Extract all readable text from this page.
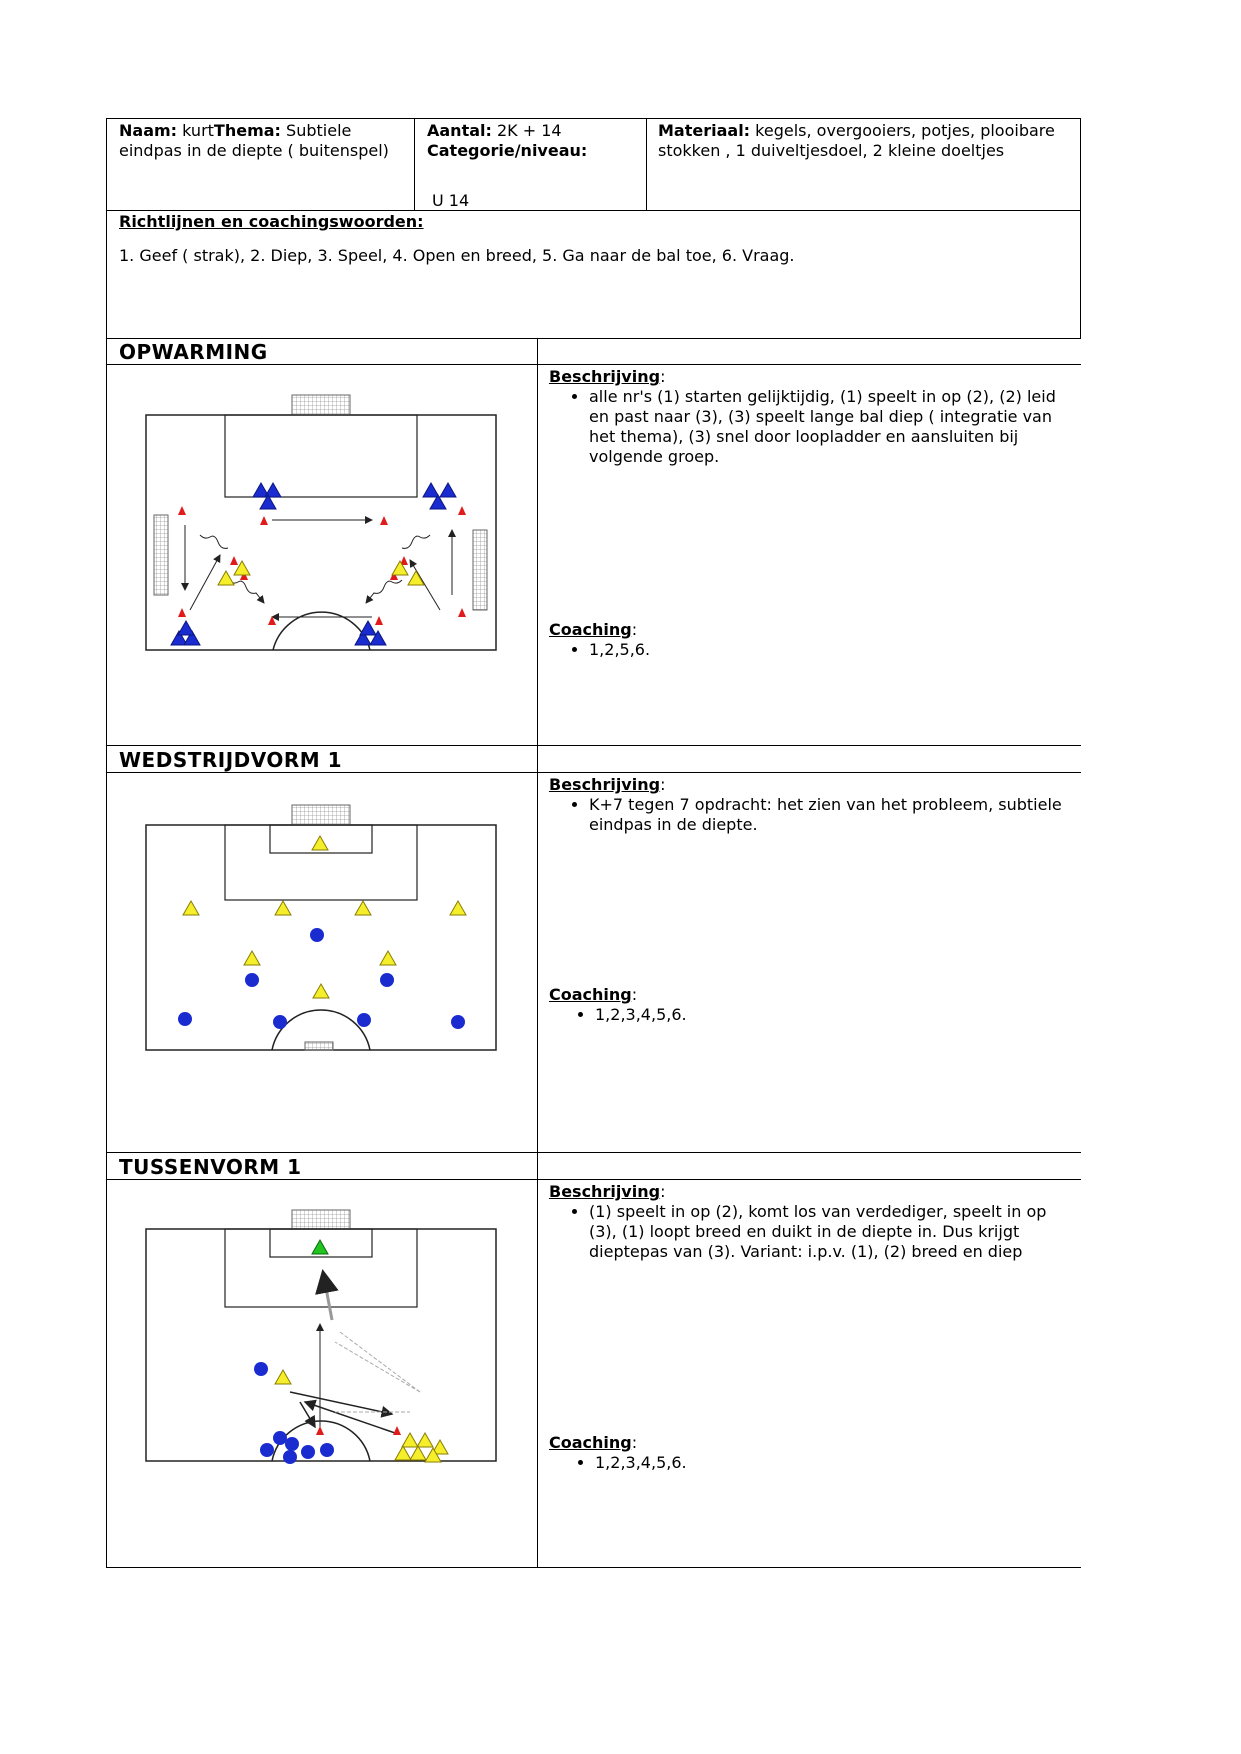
Naam: kurtThema: Subtiele eindpas in de diepte ( buitenspel)
Aantal: 2K + 14
Categorie/niveau:
U 14
Materiaal: kegels, overgooiers, potjes, plooibare stokken , 1 duiveltjesdoel, 2 kleine doeltjes
Richtlijnen en coachingswoorden:
1. Geef ( strak), 2. Diep, 3. Speel, 4. Open en breed, 5. Ga naar de bal toe, 6. Vraag.
OPWARMING
Beschrijving:
• alle nr's (1) starten gelijktijdig, (1) speelt in op (2), (2) leid en past naar (3), (3) speelt lange bal diep ( integratie van het thema), (3) snel door loopladder en aansluiten bij volgende groep.
Coaching:
• 1,2,5,6.
WEDSTRIJDVORM 1
Beschrijving:
• K+7 tegen 7 opdracht: het zien van het probleem, subtiele eindpas in de diepte.
Coaching:
• 1,2,3,4,5,6.
TUSSENVORM 1
Beschrijving:
• (1) speelt in op (2), komt los van verdediger, speelt in op (3), (1) loopt breed en duikt in de diepte in. Dus krijgt dieptepas van (3). Variant: i.p.v. (1), (2) breed en diep
Coaching:
• 1,2,3,4,5,6.
